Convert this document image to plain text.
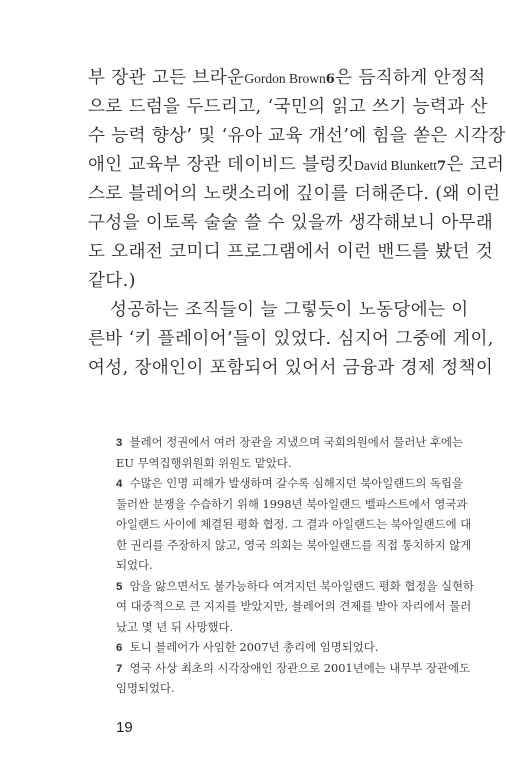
부 장관 고든 브라운Gordon Brown6은 듬직하게 안정적
으로 드럼을 두드리고, ‘국민의 읽고 쓰기 능력과 산
수 능력 향상’ 및 ‘유아 교육 개선’에 힘을 쏟은 시각장
애인 교육부 장관 데이비드 블렁킷David Blunkett7은 코러
스로 블레어의 노랫소리에 깊이를 더해준다. (왜 이런
구성을 이토록 술술 쓸 수 있을까 생각해보니 아무래
도 오래전 코미디 프로그램에서 이런 밴드를 봤던 것
같다.)
성공하는 조직들이 늘 그렇듯이 노동당에는 이
른바 ‘키 플레이어’들이 있었다. 심지어 그중에 게이,
여성, 장애인이 포함되어 있어서 금융과 경제 정책이
3 블레어 정권에서 여러 장관을 지냈으며 국회의원에서 물러난 후에는
EU 무역집행위원회 위원도 맡았다.
4 수많은 인명 피해가 발생하며 갈수록 심해지던 북아일랜드의 독립을
둘러싼 분쟁을 수습하기 위해 1998년 북아일랜드 벨파스트에서 영국과
아일랜드 사이에 체결된 평화 협정. 그 결과 아일랜드는 북아일랜드에 대
한 권리를 주장하지 않고, 영국 의회는 북아일랜드를 직접 통치하지 않게
되었다.
5 암을 앓으면서도 불가능하다 여겨지던 북아일랜드 평화 협정을 실현하
여 대중적으로 큰 지지를 받았지만, 블레어의 견제를 받아 자리에서 물러
났고 몇 년 뒤 사망했다.
6 토니 블레어가 사임한 2007년 총리에 임명되었다.
7 영국 사상 최초의 시각장애인 장관으로 2001년에는 내무부 장관에도
임명되었다.
19
